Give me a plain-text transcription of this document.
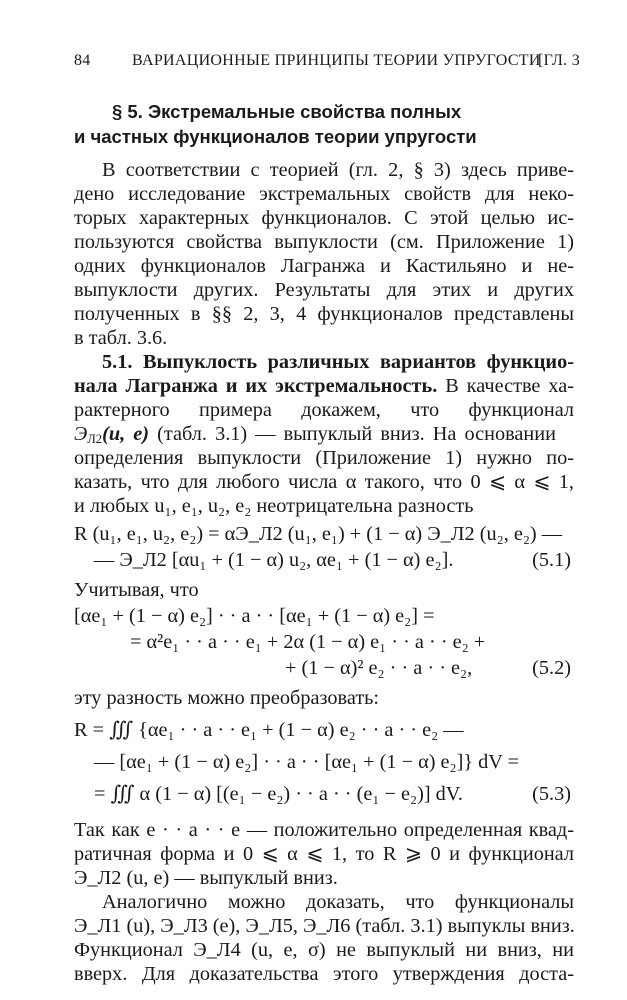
84	ВАРИАЦИОННЫЕ ПРИНЦИПЫ ТЕОРИИ УПРУГОСТИ
[ГЛ. 3
§ 5. Экстремальные свойства полных
и частных функционалов теории упругости
В соответствии с теорией (гл. 2, § 3) здесь приве-
дено исследование экстремальных свойств для неко-
торых характерных функционалов. С этой целью ис-
пользуются свойства выпуклости (см. Приложение 1)
одних функционалов Лагранжа и Кастильяно и не-
выпуклости других. Результаты для этих и других
полученных в §§ 2, 3, 4 функционалов представлены
в табл. 3.6.
5.1. Выпуклость различных вариантов функцио-
нала Лагранжа и их экстремальность. В качестве ха-
рактерного примера докажем, что функционал
$Э_{Л2}(u$, e) (табл. 3.1) — выпуклый вниз. На основании
определения выпуклости (Приложение 1) нужно по-
казать, что для любого числа α такого, что 0 ⩽ α ⩽ 1,
и любых u₁, e₁, u₂, e₂ неотрицательна разность
R (u₁, e₁, u₂, e₂) = αЭ_Л2 (u₁, e₁) + (1 − α) Э_Л2 (u₂, e₂) —
— Э_Л2 [αu₁ + (1 − α) u₂, αe₁ + (1 − α) e₂].	(5.1)
Учитывая, что
[αe₁ + (1 − α) e₂] · · a · · [αe₁ + (1 − α) e₂] =
= α²e₁ · · a · · e₁ + 2α (1 − α) e₁ · · a · · e₂ +
+ (1 − α)² e₂ · · a · · e₂,	(5.2)
эту разность можно преобразовать:
R = ∭ {αe₁ · · a · · e₁ + (1 − α) e₂ · · a · · e₂ —
— [αe₁ + (1 − α) e₂] · · a · · [αe₁ + (1 − α) e₂]} dV =
= ∭ α (1 − α) [(e₁ − e₂) · · a · · (e₁ − e₂)] dV.	(5.3)
Так как e · · a · · e — положительно определенная квад-
ратичная форма и 0 ⩽ α ⩽ 1, то R ⩾ 0 и функционал
Э_Л2 (u, e) — выпуклый вниз.
Аналогично можно доказать, что функционалы
Э_Л1 (u), Э_Л3 (e), Э_Л5, Э_Л6 (табл. 3.1) выпуклы вниз.
Функционал Э_Л4 (u, e, σ) не выпуклый ни вниз, ни
вверх. Для доказательства этого утверждения доста-
